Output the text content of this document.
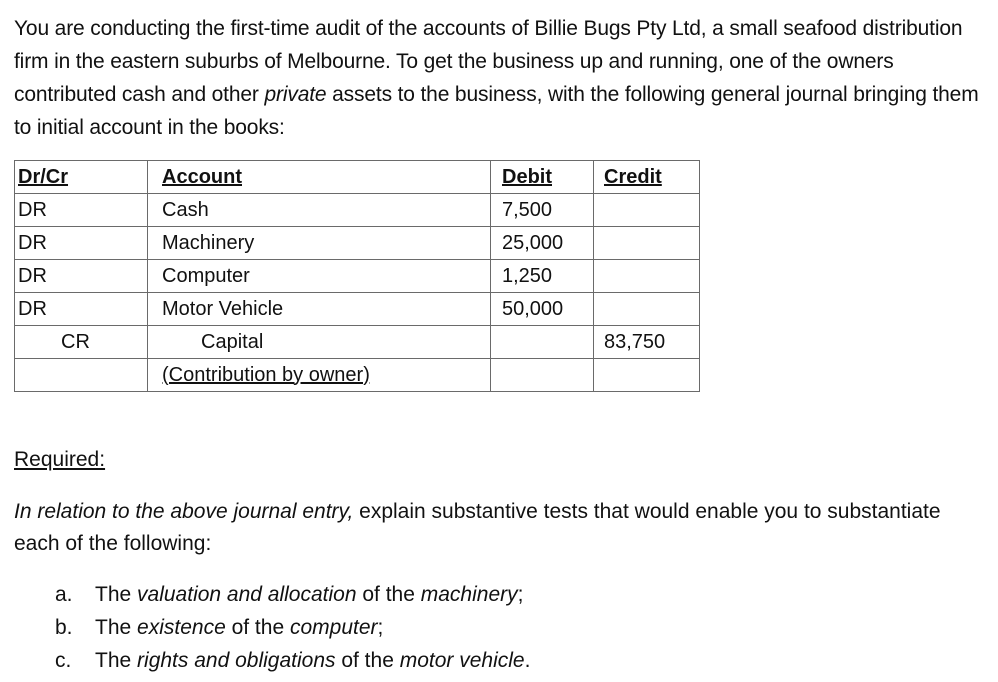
You are conducting the first-time audit of the accounts of Billie Bugs Pty Ltd, a small seafood distribution firm in the eastern suburbs of Melbourne. To get the business up and running, one of the owners contributed cash and other private assets to the business, with the following general journal bringing them to initial account in the books:

Dr/Cr	Account	Debit	Credit
DR	Cash	7,500	
DR	Machinery	25,000	
DR	Computer	1,250	
DR	Motor Vehicle	50,000	
CR	Capital		83,750
	(Contribution by owner)		

Required:

In relation to the above journal entry, explain substantive tests that would enable you to substantiate each of the following:

a. The valuation and allocation of the machinery;
b. The existence of the computer;
c. The rights and obligations of the motor vehicle.
